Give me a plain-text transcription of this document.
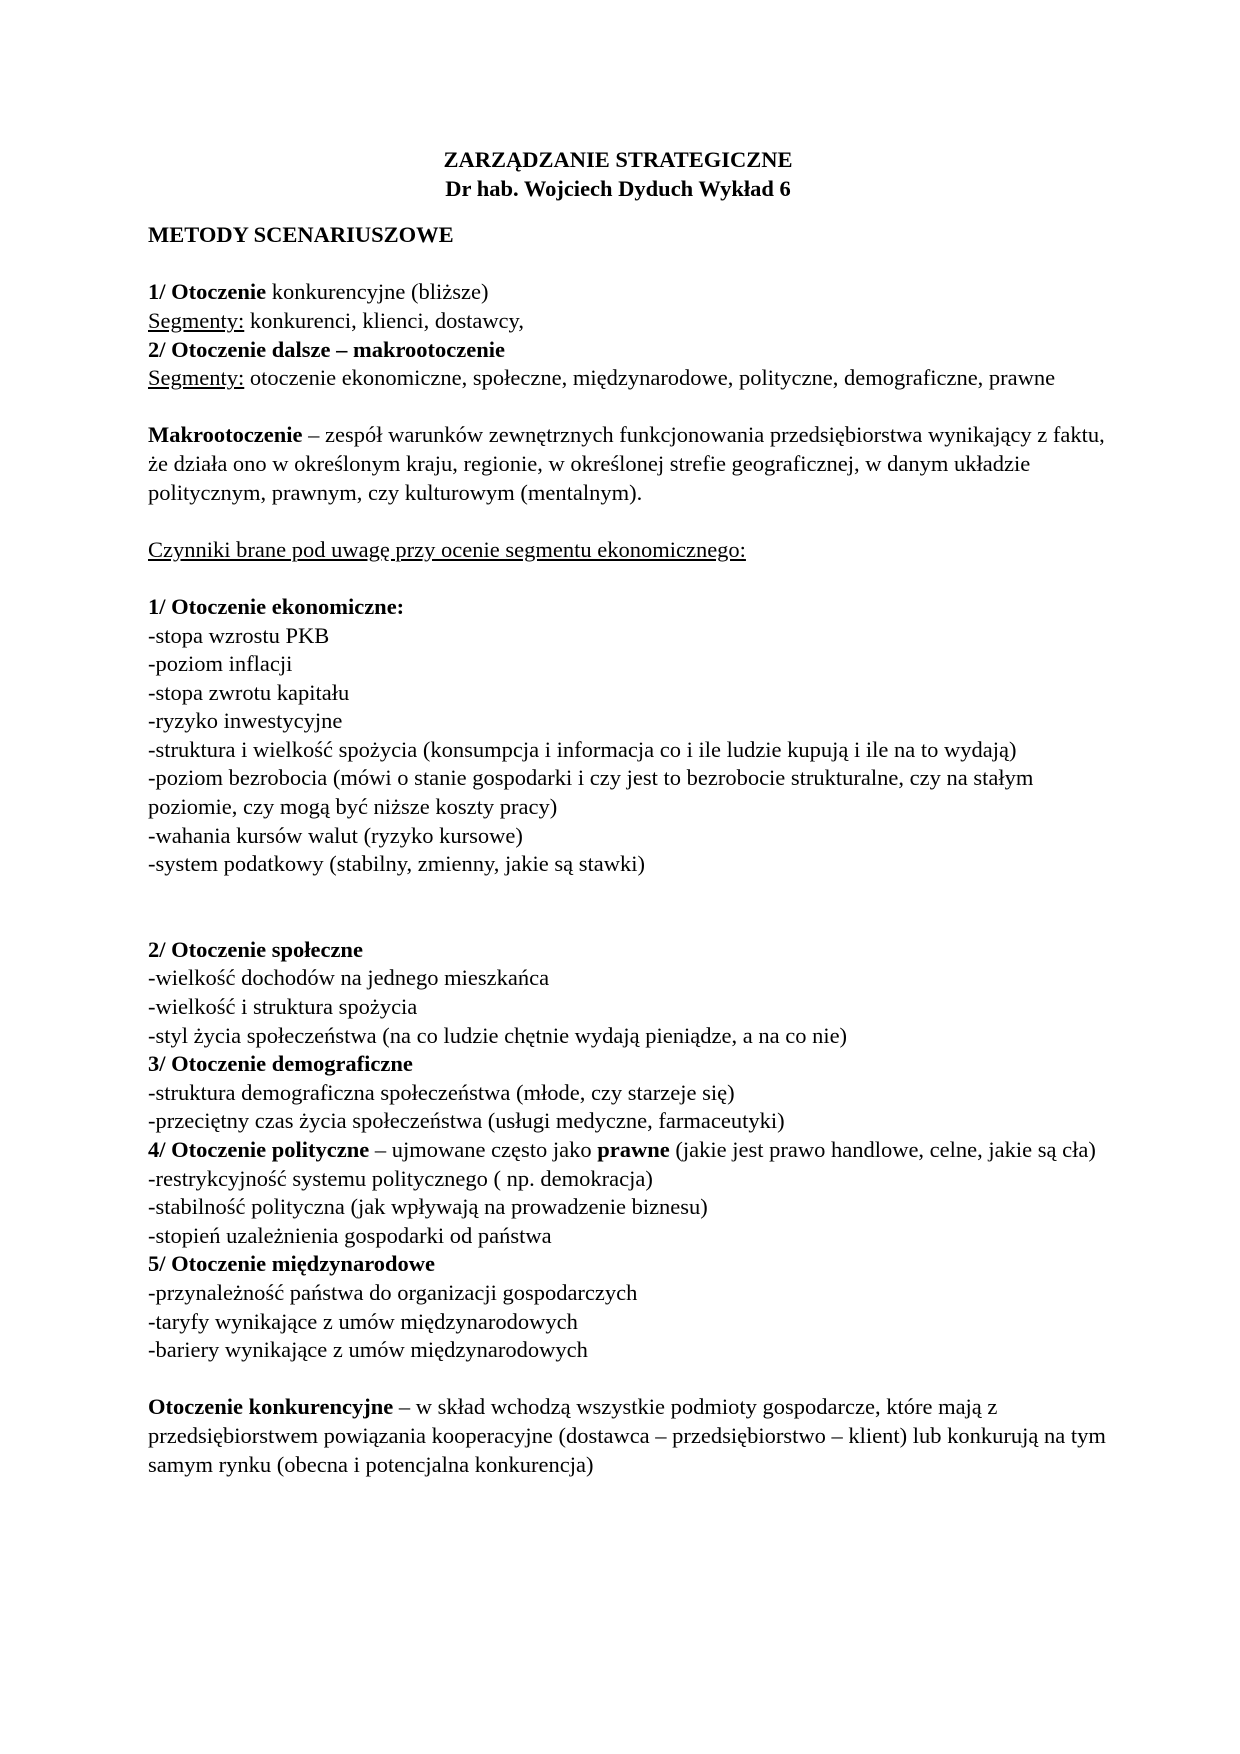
ZARZĄDZANIE STRATEGICZNE
Dr hab. Wojciech Dyduch Wykład 6
METODY SCENARIUSZOWE
1/ Otoczenie konkurencyjne (bliższe)
Segmenty: konkurenci, klienci, dostawcy,
2/ Otoczenie dalsze – makrootoczenie
Segmenty: otoczenie ekonomiczne, społeczne, międzynarodowe, polityczne, demograficzne, prawne
Makrootoczenie – zespół warunków zewnętrznych funkcjonowania przedsiębiorstwa wynikający z faktu, że działa ono w określonym kraju, regionie, w określonej strefie geograficznej, w danym układzie politycznym, prawnym, czy kulturowym (mentalnym).
Czynniki brane pod uwagę przy ocenie segmentu ekonomicznego:
1/ Otoczenie ekonomiczne:
-stopa wzrostu PKB
-poziom inflacji
-stopa zwrotu kapitału
-ryzyko inwestycyjne
-struktura i wielkość spożycia (konsumpcja i informacja co i ile ludzie kupują i ile na to wydają)
-poziom bezrobocia (mówi o stanie gospodarki i czy jest to bezrobocie strukturalne, czy na stałym poziomie, czy mogą być niższe koszty pracy)
-wahania kursów walut (ryzyko kursowe)
-system podatkowy (stabilny, zmienny, jakie są stawki)
2/ Otoczenie społeczne
-wielkość dochodów na jednego mieszkańca
-wielkość i struktura spożycia
-styl życia społeczeństwa (na co ludzie chętnie wydają pieniądze, a na co nie)
3/ Otoczenie demograficzne
-struktura demograficzna społeczeństwa (młode, czy starzeje się)
-przeciętny czas życia społeczeństwa (usługi medyczne, farmaceutyki)
4/ Otoczenie polityczne – ujmowane często jako prawne (jakie jest prawo handlowe, celne, jakie są cła)
-restrykcyjność systemu politycznego ( np. demokracja)
-stabilność polityczna (jak wpływają na prowadzenie biznesu)
-stopień uzależnienia gospodarki od państwa
5/ Otoczenie międzynarodowe
-przynależność państwa do organizacji gospodarczych
-taryfy wynikające z umów międzynarodowych
-bariery wynikające z umów międzynarodowych
Otoczenie konkurencyjne – w skład wchodzą wszystkie podmioty gospodarcze, które mają z przedsiębiorstwem powiązania kooperacyjne (dostawca – przedsiębiorstwo – klient) lub konkurują na tym samym rynku (obecna i potencjalna konkurencja)
